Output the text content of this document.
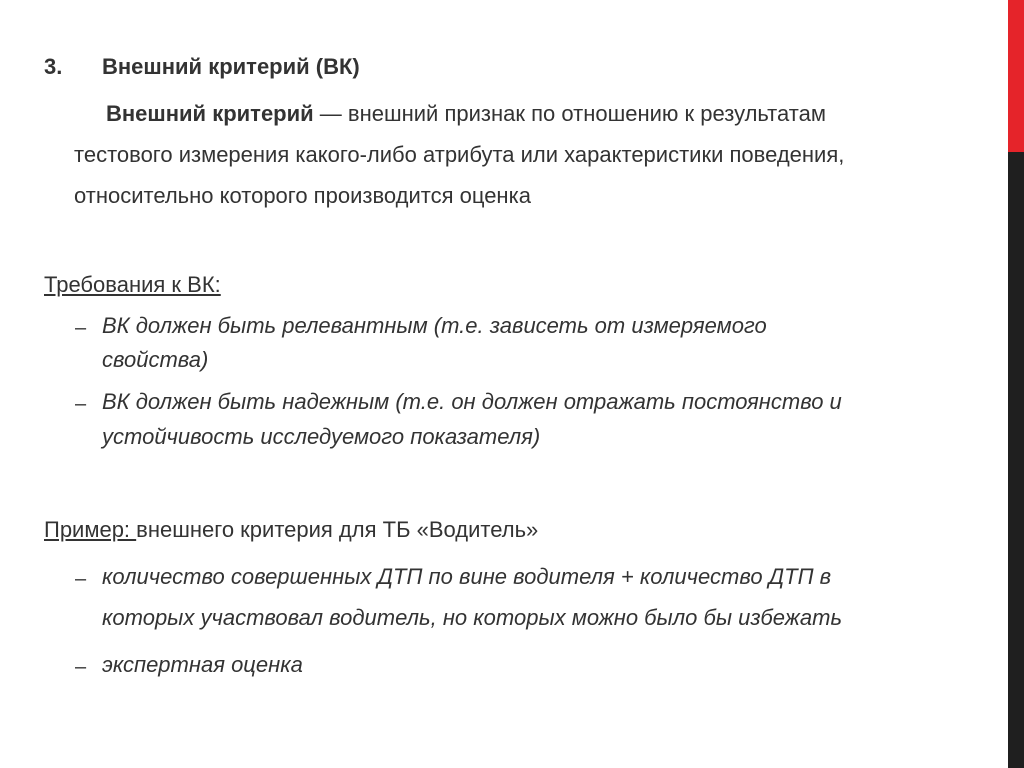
3. Внешний критерий (ВК)
Внешний критерий — внешний признак по отношению к результатам
тестового измерения какого-либо атрибута или характеристики поведения,
относительно которого производится оценка
Требования к ВК:
– ВК должен быть релевантным (т.е. зависеть от измеряемого
свойства)
– ВК должен быть надежным (т.е. он должен отражать постоянство и
устойчивость исследуемого показателя)
Пример: внешнего критерия для ТБ «Водитель»
– количество совершенных ДТП по вине водителя + количество ДТП в
которых участвовал водитель, но которых можно было бы избежать
– экспертная оценка
